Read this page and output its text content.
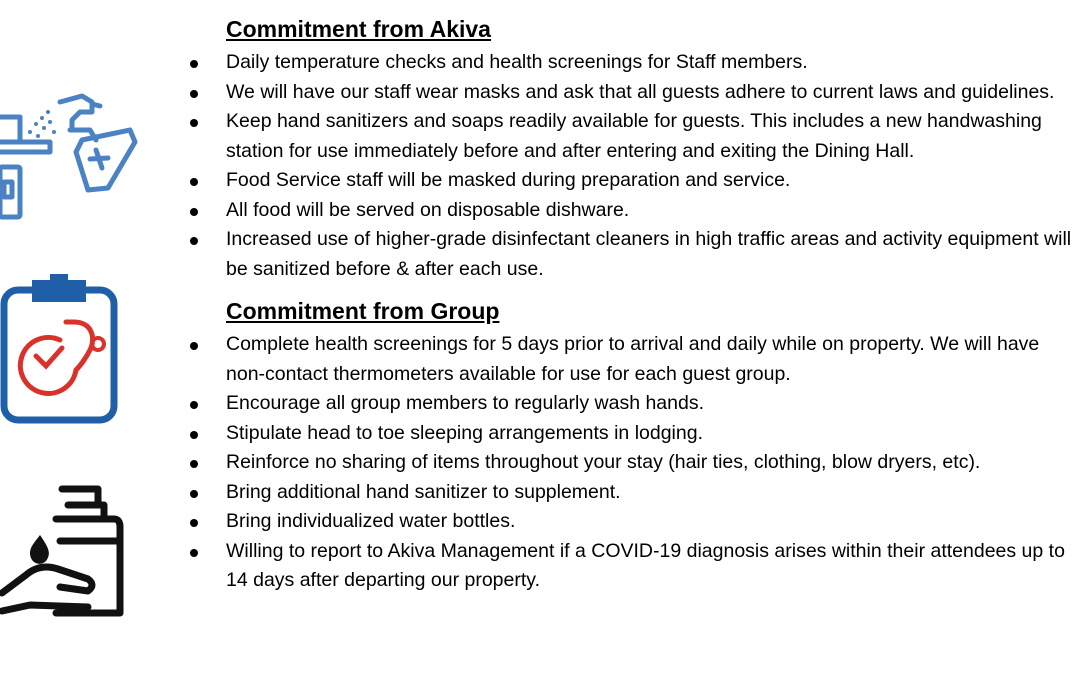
Commitment from Akiva
Daily temperature checks and health screenings for Staff members.
We will have our staff wear masks and ask that all guests adhere to current laws and guidelines.
Keep hand sanitizers and soaps readily available for guests. This includes a new handwashing station for use immediately before and after entering and exiting the Dining Hall.
Food Service staff will be masked during preparation and service.
All food will be served on disposable dishware.
Increased use of higher-grade disinfectant cleaners in high traffic areas and activity equipment will be sanitized before & after each use.
Commitment from Group
Complete health screenings for 5 days prior to arrival and daily while on property. We will have non-contact thermometers available for use for each guest group.
Encourage all group members to regularly wash hands.
Stipulate head to toe sleeping arrangements in lodging.
Reinforce no sharing of items throughout your stay (hair ties, clothing, blow dryers, etc).
Bring additional hand sanitizer to supplement.
Bring individualized water bottles.
Willing to report to Akiva Management if a COVID-19 diagnosis arises within their attendees up to 14 days after departing our property.
